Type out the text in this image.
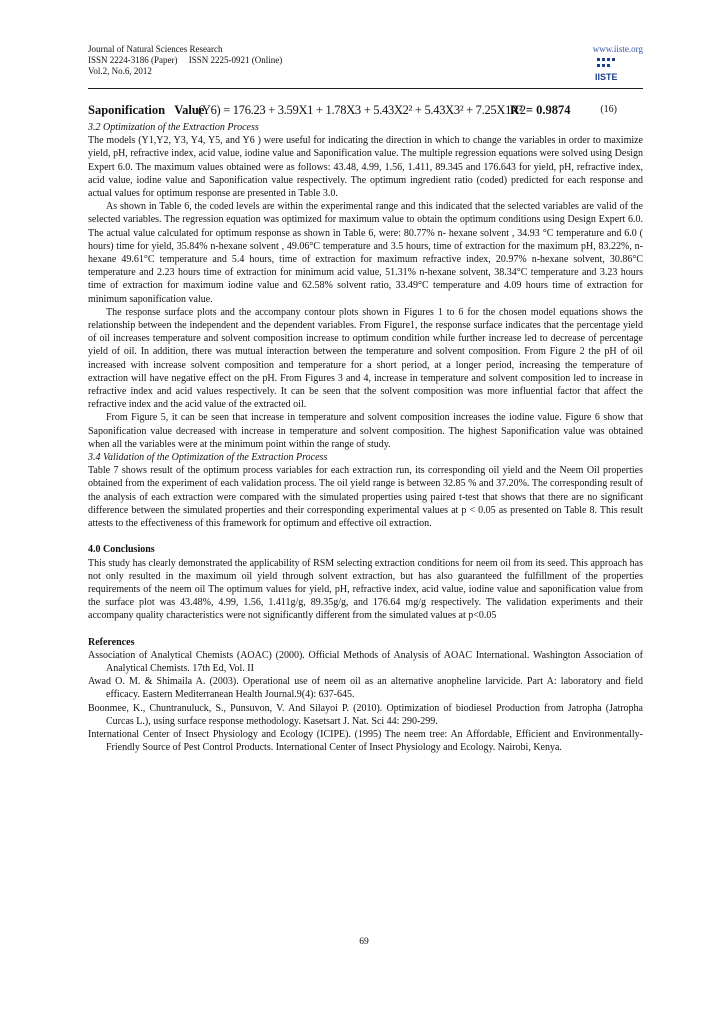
Journal of Natural Sciences Research
ISSN 2224-3186 (Paper)     ISSN 2225-0921 (Online)
Vol.2, No.6, 2012
www.iiste.org
IISTE
Saponification   Value
(Y6) = 176.23 + 3.59X1 + 1.78X3 + 5.43X2² + 5.43X3² + 7.25X1X2
R² = 0.9874	(16)
3.2 Optimization of the Extraction Process

The models (Y1,Y2, Y3, Y4, Y5, and Y6 ) were useful for indicating the direction in which to change the variables in order to maximize yield, pH, refractive index, acid value, iodine value and Saponification value. The multiple regression equations were solved using Design Expert 6.0. The maximum values obtained were as follows: 43.48, 4.99, 1.56, 1.411, 89.345 and 176.643 for yield, pH, refractive index, acid value, iodine value and Saponification value respectively. The optimum ingredient ratio (coded) predicted for each response and actual values for optimum response are presented in Table 3.0.

As shown in Table 6, the coded levels are within the experimental range and this indicated that the selected variables are valid of the selected variables. The regression equation was optimized for maximum value to obtain the optimum conditions using Design Expert 6.0. The actual value calculated for optimum response as shown in Table 6, were: 80.77% n- hexane solvent , 34.93 °C temperature and 6.0 ( hours) time for yield, 35.84% n-hexane solvent , 49.06°C temperature and 3.5 hours, time of extraction for the maximum pH, 83.22%, n-hexane 49.61°C temperature and 5.4 hours, time of extraction for maximum refractive index, 20.97% n-hexane solvent, 30.86°C temperature and 2.23 hours time of extraction for minimum acid value, 51.31% n-hexane solvent, 38.34°C temperature and 3.23 hours time of extraction for maximum iodine value and 62.58% solvent ratio, 33.49°C temperature and 4.09 hours time of extraction for minimum saponification value.

The response surface plots and the accompany contour plots shown in Figures 1 to 6 for the chosen model equations shows the relationship between the independent and the dependent variables. From Figure1, the response surface indicates that the percentage yield of oil increases temperature and solvent composition increase to optimum condition while further increase led to decrease of percentage yield of oil. In addition, there was mutual interaction between the temperature and solvent composition. From Figure 2 the pH of oil increased with increase solvent composition and temperature for a short period, at a longer period, increasing the temperature of extraction will have negative effect on the pH. From Figures 3 and 4, increase in temperature and solvent composition led to increase in refractive index and acid values respectively. It can be seen that the solvent composition was more influential factor that affect the refractive index and the acid value of the extracted oil.

From Figure 5, it can be seen that increase in temperature and solvent composition increases the iodine value. Figure 6 show that Saponification value decreased with increase in temperature and solvent composition. The highest Saponification value was obtained when all the variables were at the minimum point within the range of study.

3.4 Validation of the Optimization of the Extraction Process

Table 7 shows result of the optimum process variables for each extraction run, its corresponding oil yield and the Neem Oil properties obtained from the experiment of each validation process. The oil yield range is between 32.85 % and 37.20%. The corresponding result of the analysis of each extraction were compared with the simulated properties using paired t-test that shows that there are no significant difference between the simulated properties and their corresponding experimental values at p < 0.05 as presented on Table 8. This result attests to the effectiveness of this framework for optimum and effective oil extraction.

4.0 Conclusions

This study has clearly demonstrated the applicability of RSM selecting extraction conditions for neem oil from its seed. This approach has not only resulted in the maximum oil yield through solvent extraction, but has also guaranteed the fulfillment of the properties requirements of the neem oil The optimum values for yield, pH, refractive index, acid value, iodine value and saponification value from the surface plot was 43.48%, 4.99, 1.56, 1.411g/g, 89.35g/g, and 176.64 mg/g respectively. The validation experiments and their accompany quality characteristics were not significantly different from the simulated values at p<0.05

References

Association of Analytical Chemists (AOAC) (2000). Official Methods of Analysis of AOAC International. Washington Association of Analytical Chemists. 17th Ed, Vol. II

Awad O. M. & Shimaila A. (2003). Operational use of neem oil as an alternative anopheline larvicide. Part A: laboratory and field efficacy. Eastern Mediterranean Health Journal.9(4): 637-645.

Boonmee, K., Chuntranuluck, S., Punsuvon, V. And Silayoi P. (2010). Optimization of biodiesel Production from Jatropha (Jatropha Curcas L.), using surface response methodology. Kasetsart J. Nat. Sci 44: 290-299.

International Center of Insect Physiology and Ecology (ICIPE). (1995) The neem tree: An Affordable, Efficient and Environmentally-Friendly Source of Pest Control Products. International Center of Insect Physiology and Ecology. Nairobi, Kenya.

69
